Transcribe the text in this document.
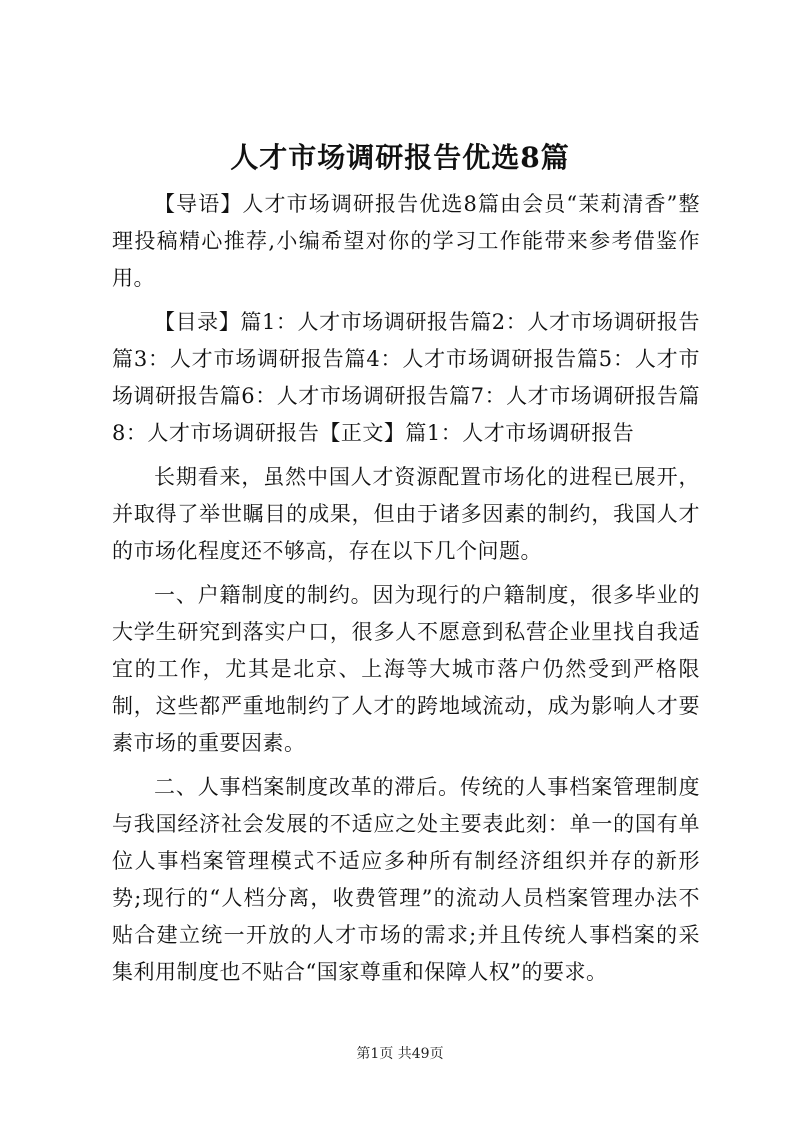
人才市场调研报告优选8篇

【导语】人才市场调研报告优选8篇由会员“茉莉清香”整理投稿精心推荐,小编希望对你的学习工作能带来参考借鉴作用。

【目录】篇1：人才市场调研报告篇2：人才市场调研报告篇3：人才市场调研报告篇4：人才市场调研报告篇5：人才市场调研报告篇6：人才市场调研报告篇7：人才市场调研报告篇8：人才市场调研报告【正文】篇1：人才市场调研报告

长期看来，虽然中国人才资源配置市场化的进程已展开，并取得了举世瞩目的成果，但由于诸多因素的制约，我国人才的市场化程度还不够高，存在以下几个问题。

一、户籍制度的制约。因为现行的户籍制度，很多毕业的大学生研究到落实户口，很多人不愿意到私营企业里找自我适宜的工作，尤其是北京、上海等大城市落户仍然受到严格限制，这些都严重地制约了人才的跨地域流动，成为影响人才要素市场的重要因素。

二、人事档案制度改革的滞后。传统的人事档案管理制度与我国经济社会发展的不适应之处主要表此刻：单一的国有单位人事档案管理模式不适应多种所有制经济组织并存的新形势;现行的“人档分离，收费管理”的流动人员档案管理办法不贴合建立统一开放的人才市场的需求;并且传统人事档案的采集利用制度也不贴合“国家尊重和保障人权”的要求。

第1页 共49页
